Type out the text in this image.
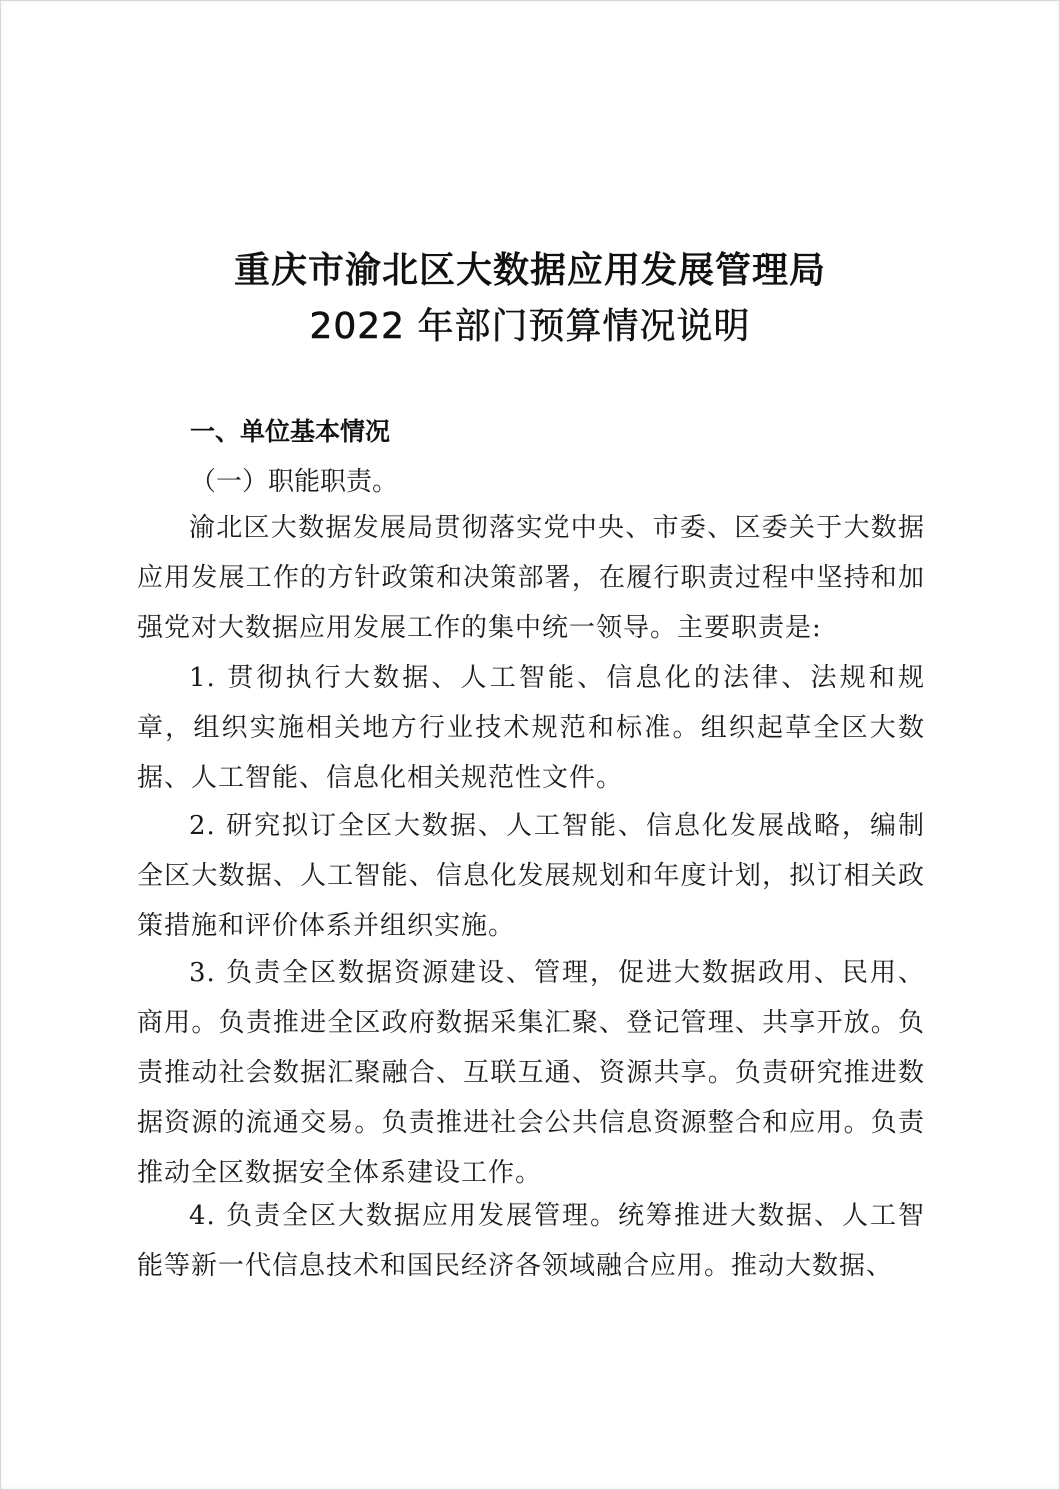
重庆市渝北区大数据应用发展管理局
2022 年部门预算情况说明
一、单位基本情况
（一）职能职责。
渝北区大数据发展局贯彻落实党中央、市委、区委关于大数据应用发展工作的方针政策和决策部署，在履行职责过程中坚持和加强党对大数据应用发展工作的集中统一领导。主要职责是:
1. 贯彻执行大数据、人工智能、信息化的法律、法规和规章，组织实施相关地方行业技术规范和标准。组织起草全区大数据、人工智能、信息化相关规范性文件。
2. 研究拟订全区大数据、人工智能、信息化发展战略，编制全区大数据、人工智能、信息化发展规划和年度计划，拟订相关政策措施和评价体系并组织实施。
3. 负责全区数据资源建设、管理，促进大数据政用、民用、商用。负责推进全区政府数据采集汇聚、登记管理、共享开放。负责推动社会数据汇聚融合、互联互通、资源共享。负责研究推进数据资源的流通交易。负责推进社会公共信息资源整合和应用。负责推动全区数据安全体系建设工作。
4. 负责全区大数据应用发展管理。统筹推进大数据、人工智能等新一代信息技术和国民经济各领域融合应用。推动大数据、
